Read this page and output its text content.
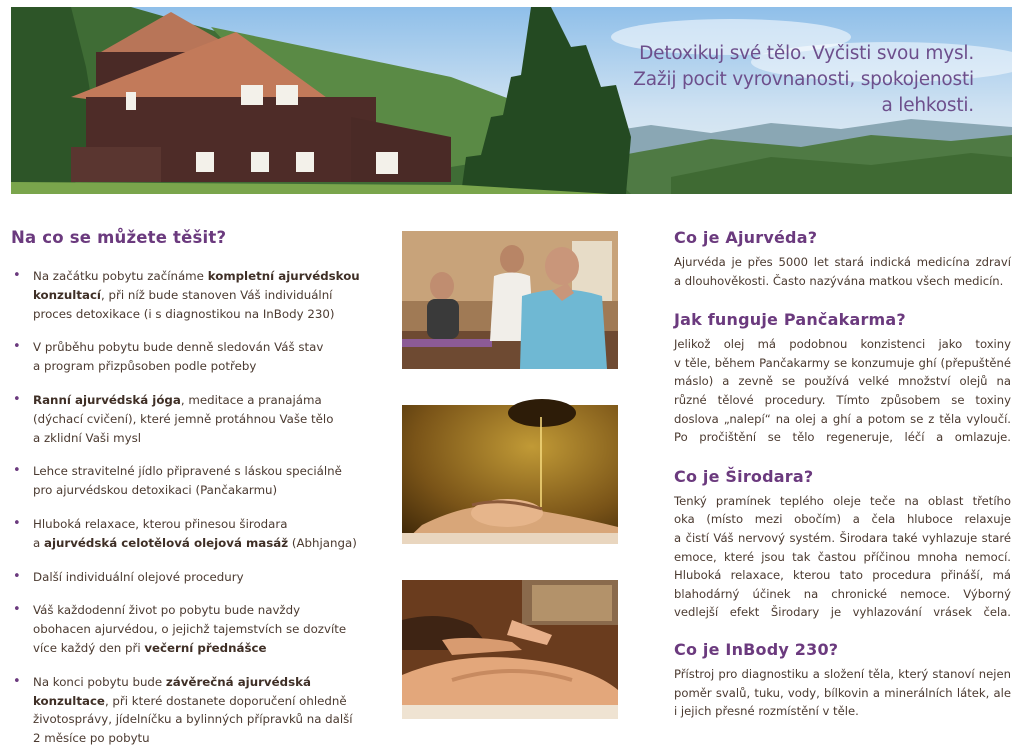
Detoxikuj své tělo. Vyčisti svou mysl.
Zažij pocit vyrovnanosti, spokojenosti
a lehkosti.
Na co se můžete těšit?
• Na začátku pobytu začínáme kompletní ajurvédskou
konzultací, při níž bude stanoven Váš individuální
proces detoxikace (i s diagnostikou na InBody 230)
• V průběhu pobytu bude denně sledován Váš stav
a program přizpůsoben podle potřeby
• Ranní ajurvédská jóga, meditace a pranajáma
(dýchací cvičení), které jemně protáhnou Vaše tělo
a zklidní Vaši mysl
• Lehce stravitelné jídlo připravené s láskou speciálně
pro ajurvédskou detoxikaci (Pančakarmu)
• Hluboká relaxace, kterou přinesou širodara
a ajurvédská celotělová olejová masáž (Abhjanga)
• Další individuální olejové procedury
• Váš každodenní život po pobytu bude navždy
obohacen ajurvédou, o jejichž tajemstvích se dozvíte
více každý den při večerní přednášce
• Na konci pobytu bude závěrečná ajurvédská
konzultace, při které dostanete doporučení ohledně
životosprávy, jídelníčku a bylinných přípravků na další
2 měsíce po pobytu
Co je Ajurvéda?
Ajurvéda je přes 5000 let stará indická medicína zdraví
a dlouhověkosti. Často nazývána matkou všech medicín.
Jak funguje Pančakarma?
Jelikož olej má podobnou konzistenci jako toxiny
v těle, během Pančakarmy se konzumuje ghí (přepuštěné
máslo) a zevně se používá velké množství olejů na
různé tělové procedury. Tímto způsobem se toxiny
doslova „nalepí“ na olej a ghí a potom se z těla vyloučí.
Po pročištění se tělo regeneruje, léčí a omlazuje.
Co je Širodara?
Tenký pramínek teplého oleje teče na oblast třetího
oka (místo mezi obočím) a čela hluboce relaxuje
a čistí Váš nervový systém. Širodara také vyhlazuje staré
emoce, které jsou tak častou příčinou mnoha nemocí.
Hluboká relaxace, kterou tato procedura přináší, má
blahodárný účinek na chronické nemoce. Výborný
vedlejší efekt Širodary je vyhlazování vrásek čela.
Co je InBody 230?
Přístroj pro diagnostiku a složení těla, který stanoví nejen
poměr svalů, tuku, vody, bílkovin a minerálních látek, ale
i jejich přesné rozmístění v těle.
